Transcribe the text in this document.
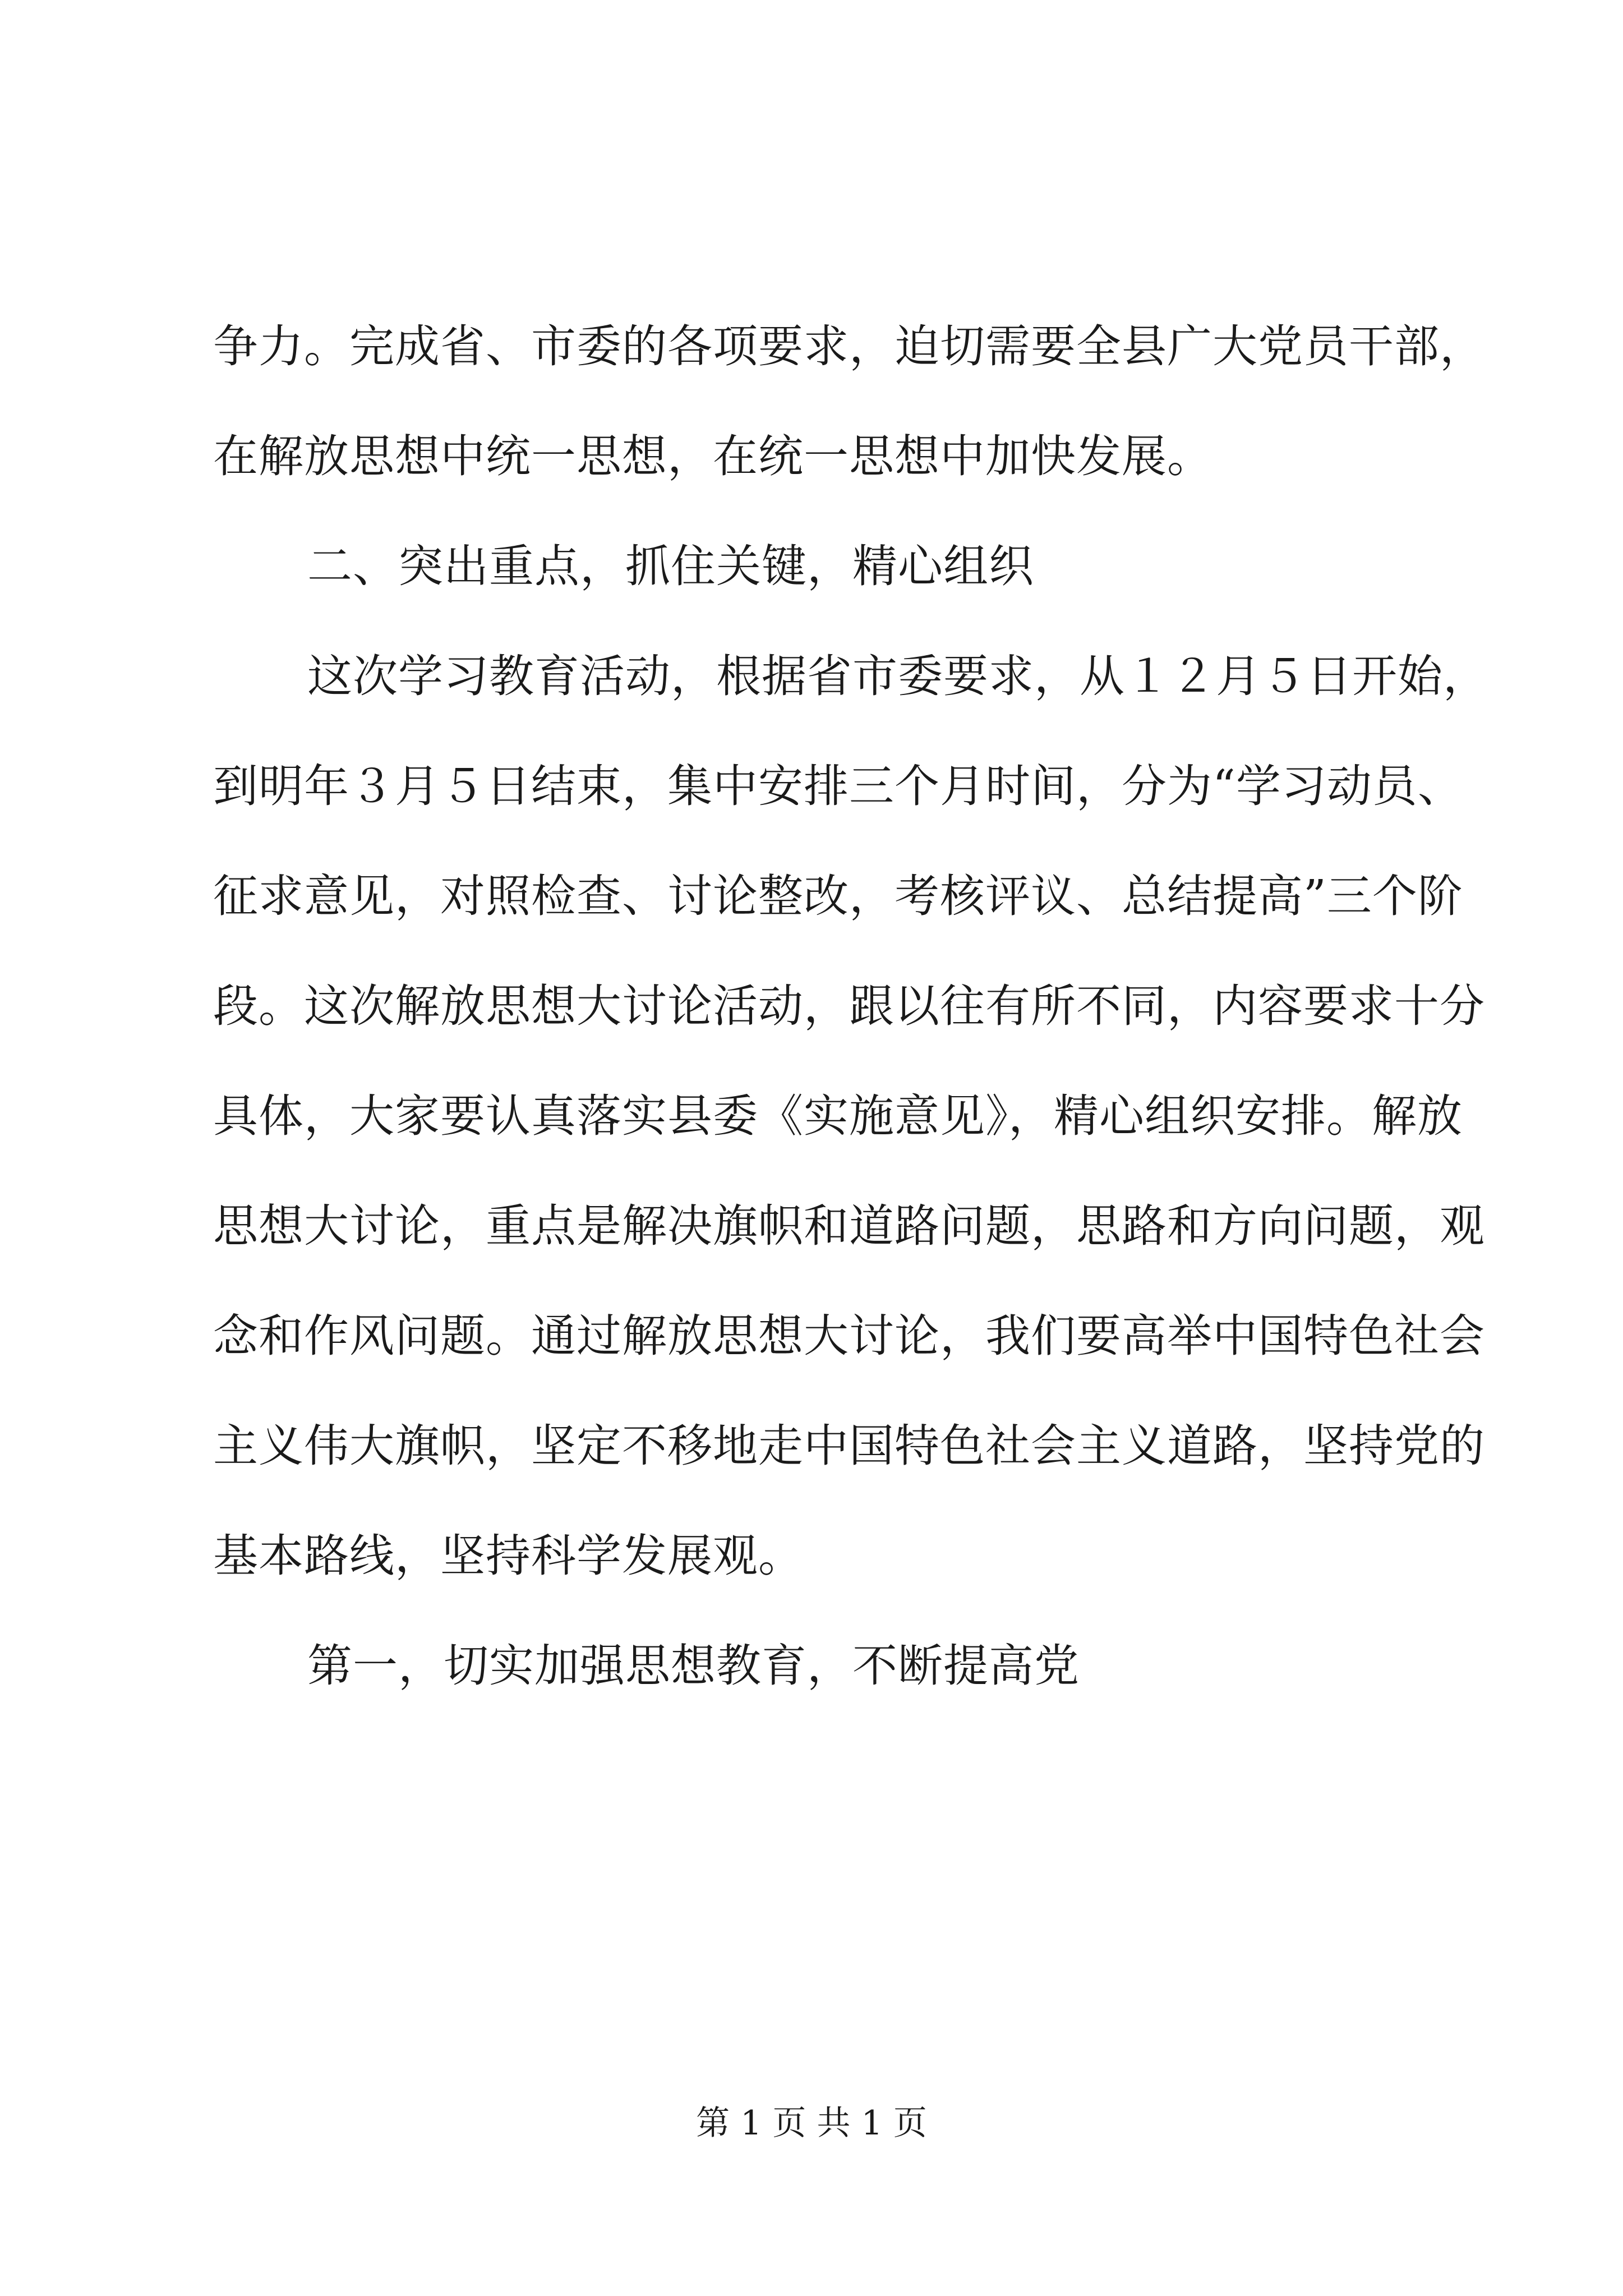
争力。完成省、市委的各项要求，迫切需要全县广大党员干部，
在解放思想中统一思想，在统一思想中加快发展。
二、突出重点，抓住关键，精心组织
这次学习教育活动，根据省市委要求，从１２月５日开始，
到明年３月５日结束，集中安排三个月时间，分为“学习动员、
征求意见，对照检查、讨论整改，考核评议、总结提高”三个阶
段。这次解放思想大讨论活动，跟以往有所不同，内容要求十分
具体，大家要认真落实县委《实施意见》，精心组织安排。解放
思想大讨论，重点是解决旗帜和道路问题，思路和方向问题，观
念和作风问题。通过解放思想大讨论，我们要高举中国特色社会
主义伟大旗帜，坚定不移地走中国特色社会主义道路，坚持党的
基本路线，坚持科学发展观。
第一，切实加强思想教育，不断提高党
第 1 页 共 1 页
